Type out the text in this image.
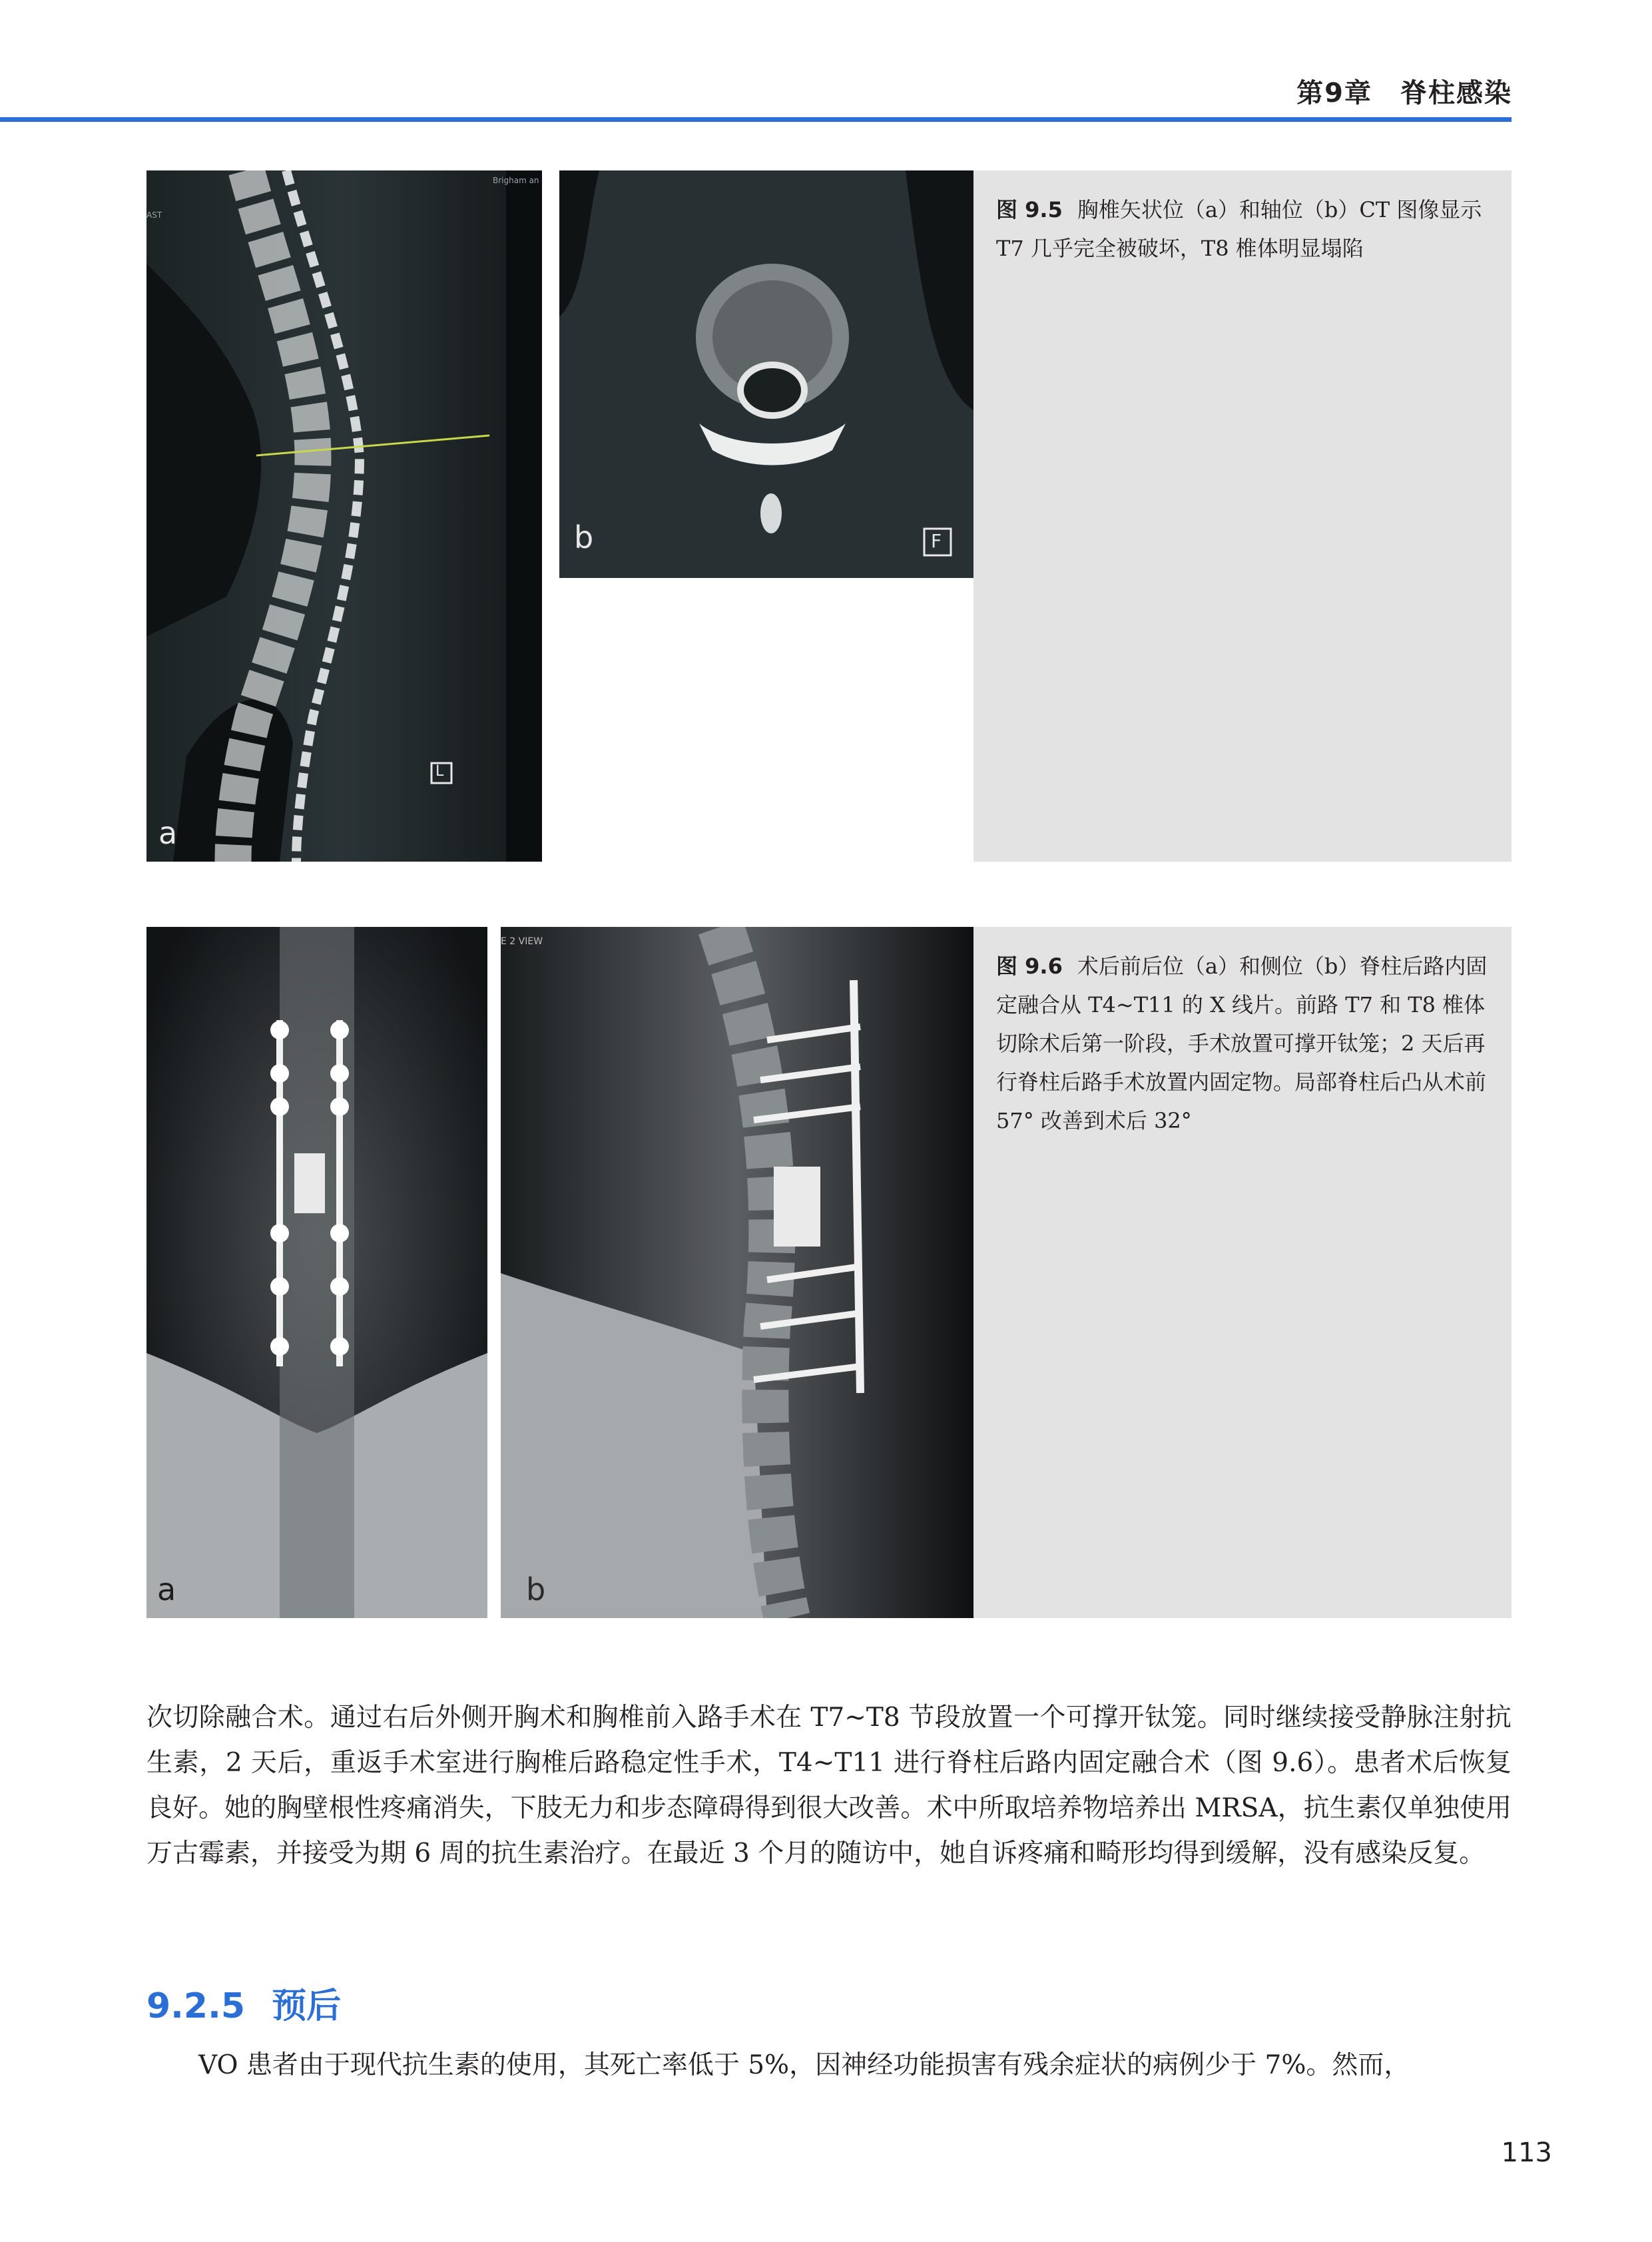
第9章　脊柱感染
L
Brigham an
AST
a
F
b
图 9.5 胸椎矢状位（a）和轴位（b）CT 图像显示 T7 几乎完全被破坏，T8 椎体明显塌陷
a
E 2 VIEW
b
图 9.6 术后前后位（a）和侧位（b）脊柱后路内固定融合从 T4~T11 的 X 线片。前路 T7 和 T8 椎体切除术后第一阶段，手术放置可撑开钛笼；2 天后再行脊柱后路手术放置内固定物。局部脊柱后凸从术前 57° 改善到术后 32°
次切除融合术。通过右后外侧开胸术和胸椎前入路手术在 T7~T8 节段放置一个可撑开钛笼。同时继续接受静脉注射抗生素，2 天后，重返手术室进行胸椎后路稳定性手术，T4~T11 进行脊柱后路内固定融合术（图 9.6）。患者术后恢复良好。她的胸壁根性疼痛消失，下肢无力和步态障碍得到很大改善。术中所取培养物培养出 MRSA，抗生素仅单独使用万古霉素，并接受为期 6 周的抗生素治疗。在最近 3 个月的随访中，她自诉疼痛和畸形均得到缓解，没有感染反复。
9.2.5 预后
VO 患者由于现代抗生素的使用，其死亡率低于 5%，因神经功能损害有残余症状的病例少于 7%。然而，
113
